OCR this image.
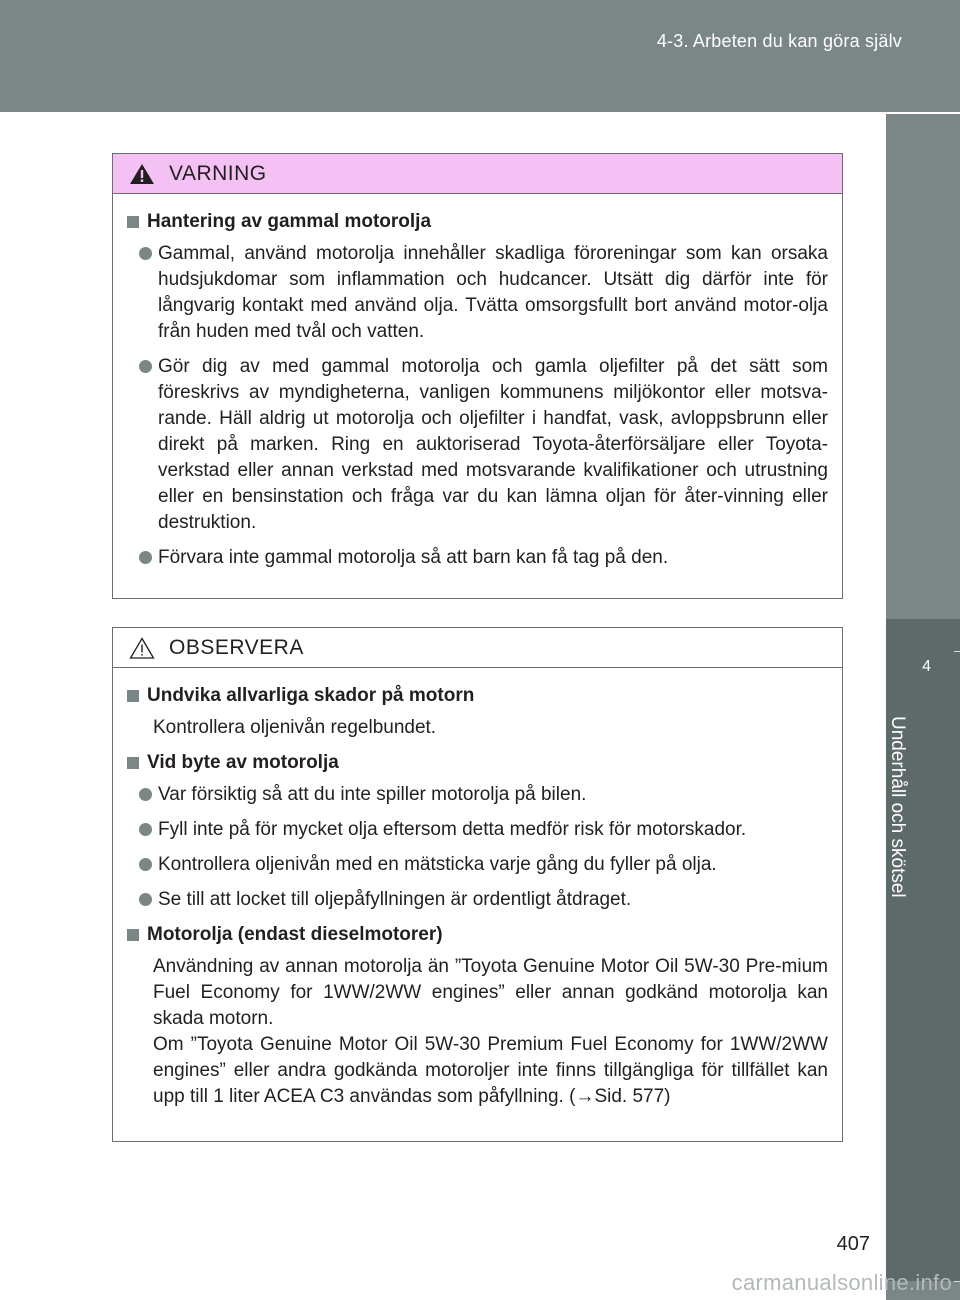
4-3. Arbeten du kan göra själv
4
Underhåll och skötsel
VARNING
Hantering av gammal motorolja
Gammal, använd motorolja innehåller skadliga föroreningar som kan orsaka hudsjukdomar som inflammation och hudcancer. Utsätt dig därför inte för långvarig kontakt med använd olja. Tvätta omsorgsfullt bort använd motor-olja från huden med tvål och vatten.
Gör dig av med gammal motorolja och gamla oljefilter på det sätt som föreskrivs av myndigheterna, vanligen kommunens miljökontor eller motsva-rande. Häll aldrig ut motorolja och oljefilter i handfat, vask, avloppsbrunn eller direkt på marken. Ring en auktoriserad Toyota-återförsäljare eller Toyota-verkstad eller annan verkstad med motsvarande kvalifikationer och utrustning eller en bensinstation och fråga var du kan lämna oljan för åter-vinning eller destruktion.
Förvara inte gammal motorolja så att barn kan få tag på den.
OBSERVERA
Undvika allvarliga skador på motorn
Kontrollera oljenivån regelbundet.
Vid byte av motorolja
Var försiktig så att du inte spiller motorolja på bilen.
Fyll inte på för mycket olja eftersom detta medför risk för motorskador.
Kontrollera oljenivån med en mätsticka varje gång du fyller på olja.
Se till att locket till oljepåfyllningen är ordentligt åtdraget.
Motorolja (endast dieselmotorer)
Användning av annan motorolja än ”Toyota Genuine Motor Oil 5W-30 Pre-mium Fuel Economy for 1WW/2WW engines” eller annan godkänd motorolja kan skada motorn.
Om ”Toyota Genuine Motor Oil 5W-30 Premium Fuel Economy for 1WW/2WW engines” eller andra godkända motoroljer inte finns tillgängliga för tillfället kan upp till 1 liter ACEA C3 användas som påfyllning. (→Sid. 577)
407
carmanualsonline.info
